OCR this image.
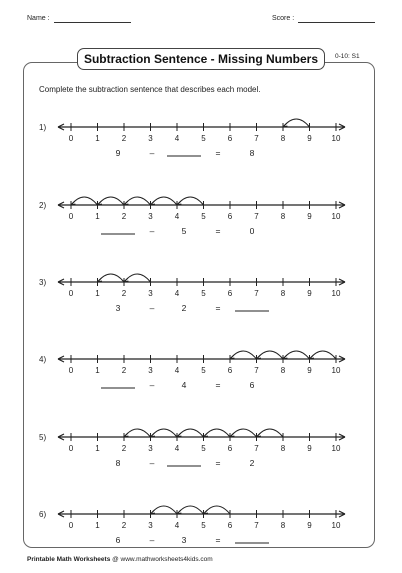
Name :	Score :
Subtraction Sentence - Missing Numbers	0-10: S1
Complete the subtraction sentence that describes each model.
1)
0	1	2	3	4	5	6	7	8	9 10
9	–	=	8
2)
0	1	2	3	4	5	6	7	8	9 10
–	5	=	0
3)
0	1	2	3	4	5	6	7	8	9 10
3	–	2	=
4)
0	1	2	3	4	5	6	7	8	9 10
–	4	=	6
5)
0	1	2	3	4	5	6	7	8	9 10
8	–	=	2
6)
0	1	2	3	4	5	6	7	8	9 10
6	–	3	=
Printable Math Worksheets @ www.mathworksheets4kids.com
